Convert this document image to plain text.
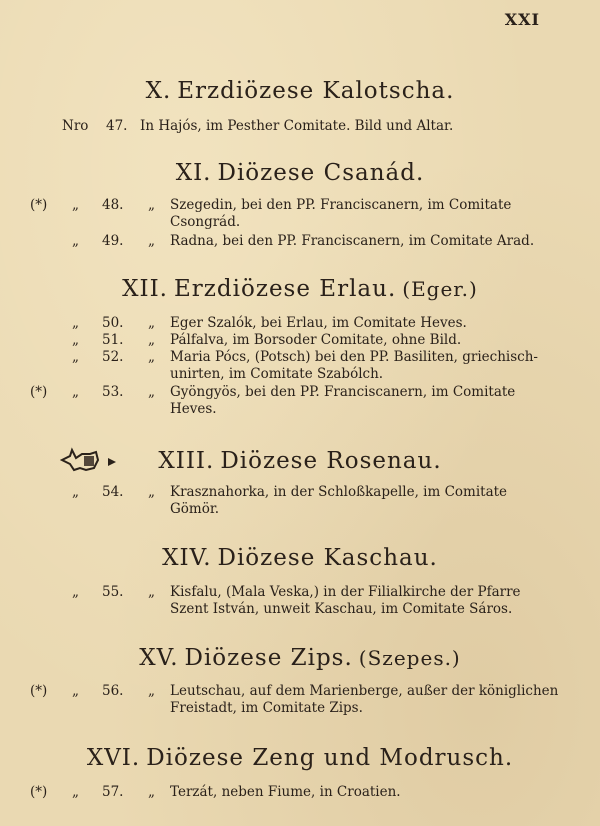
XXI
X. Erzdiözese Kalotscha.
Nro 47. In Hajós, im Pesther Comitate. Bild und Altar.
XI. Diözese Csanád.
(*) „ 48. „ Szegedin, bei den PP. Franciscanern, im Comitate
Csongrád.
„ 49. „ Radna, bei den PP. Franciscanern, im Comitate Arad.
XII. Erzdiözese Erlau. (Eger.)
„ 50. „ Eger Szalók, bei Erlau, im Comitate Heves.
„ 51. „ Pálfalva, im Borsoder Comitate, ohne Bild.
„ 52. „ Maria Pócs, (Potsch) bei den PP. Basiliten, griechisch-
unirten, im Comitate Szabólch.
(*) „ 53. „ Gyöngyös, bei den PP. Franciscanern, im Comitate
Heves.
XIII. Diözese Rosenau.
„ 54. „ Krasznahorka, in der Schloßkapelle, im Comitate
Gömör.
XIV. Diözese Kaschau.
„ 55. „ Kisfalu, (Mala Veska,) in der Filialkirche der Pfarre
Szent István, unweit Kaschau, im Comitate Sáros.
XV. Diözese Zips. (Szepes.)
(*) „ 56. „ Leutschau, auf dem Marienberge, außer der königlichen
Freistadt, im Comitate Zips.
XVI. Diözese Zeng und Modrusch.
(*) „ 57. „ Terzát, neben Fiume, in Croatien.
